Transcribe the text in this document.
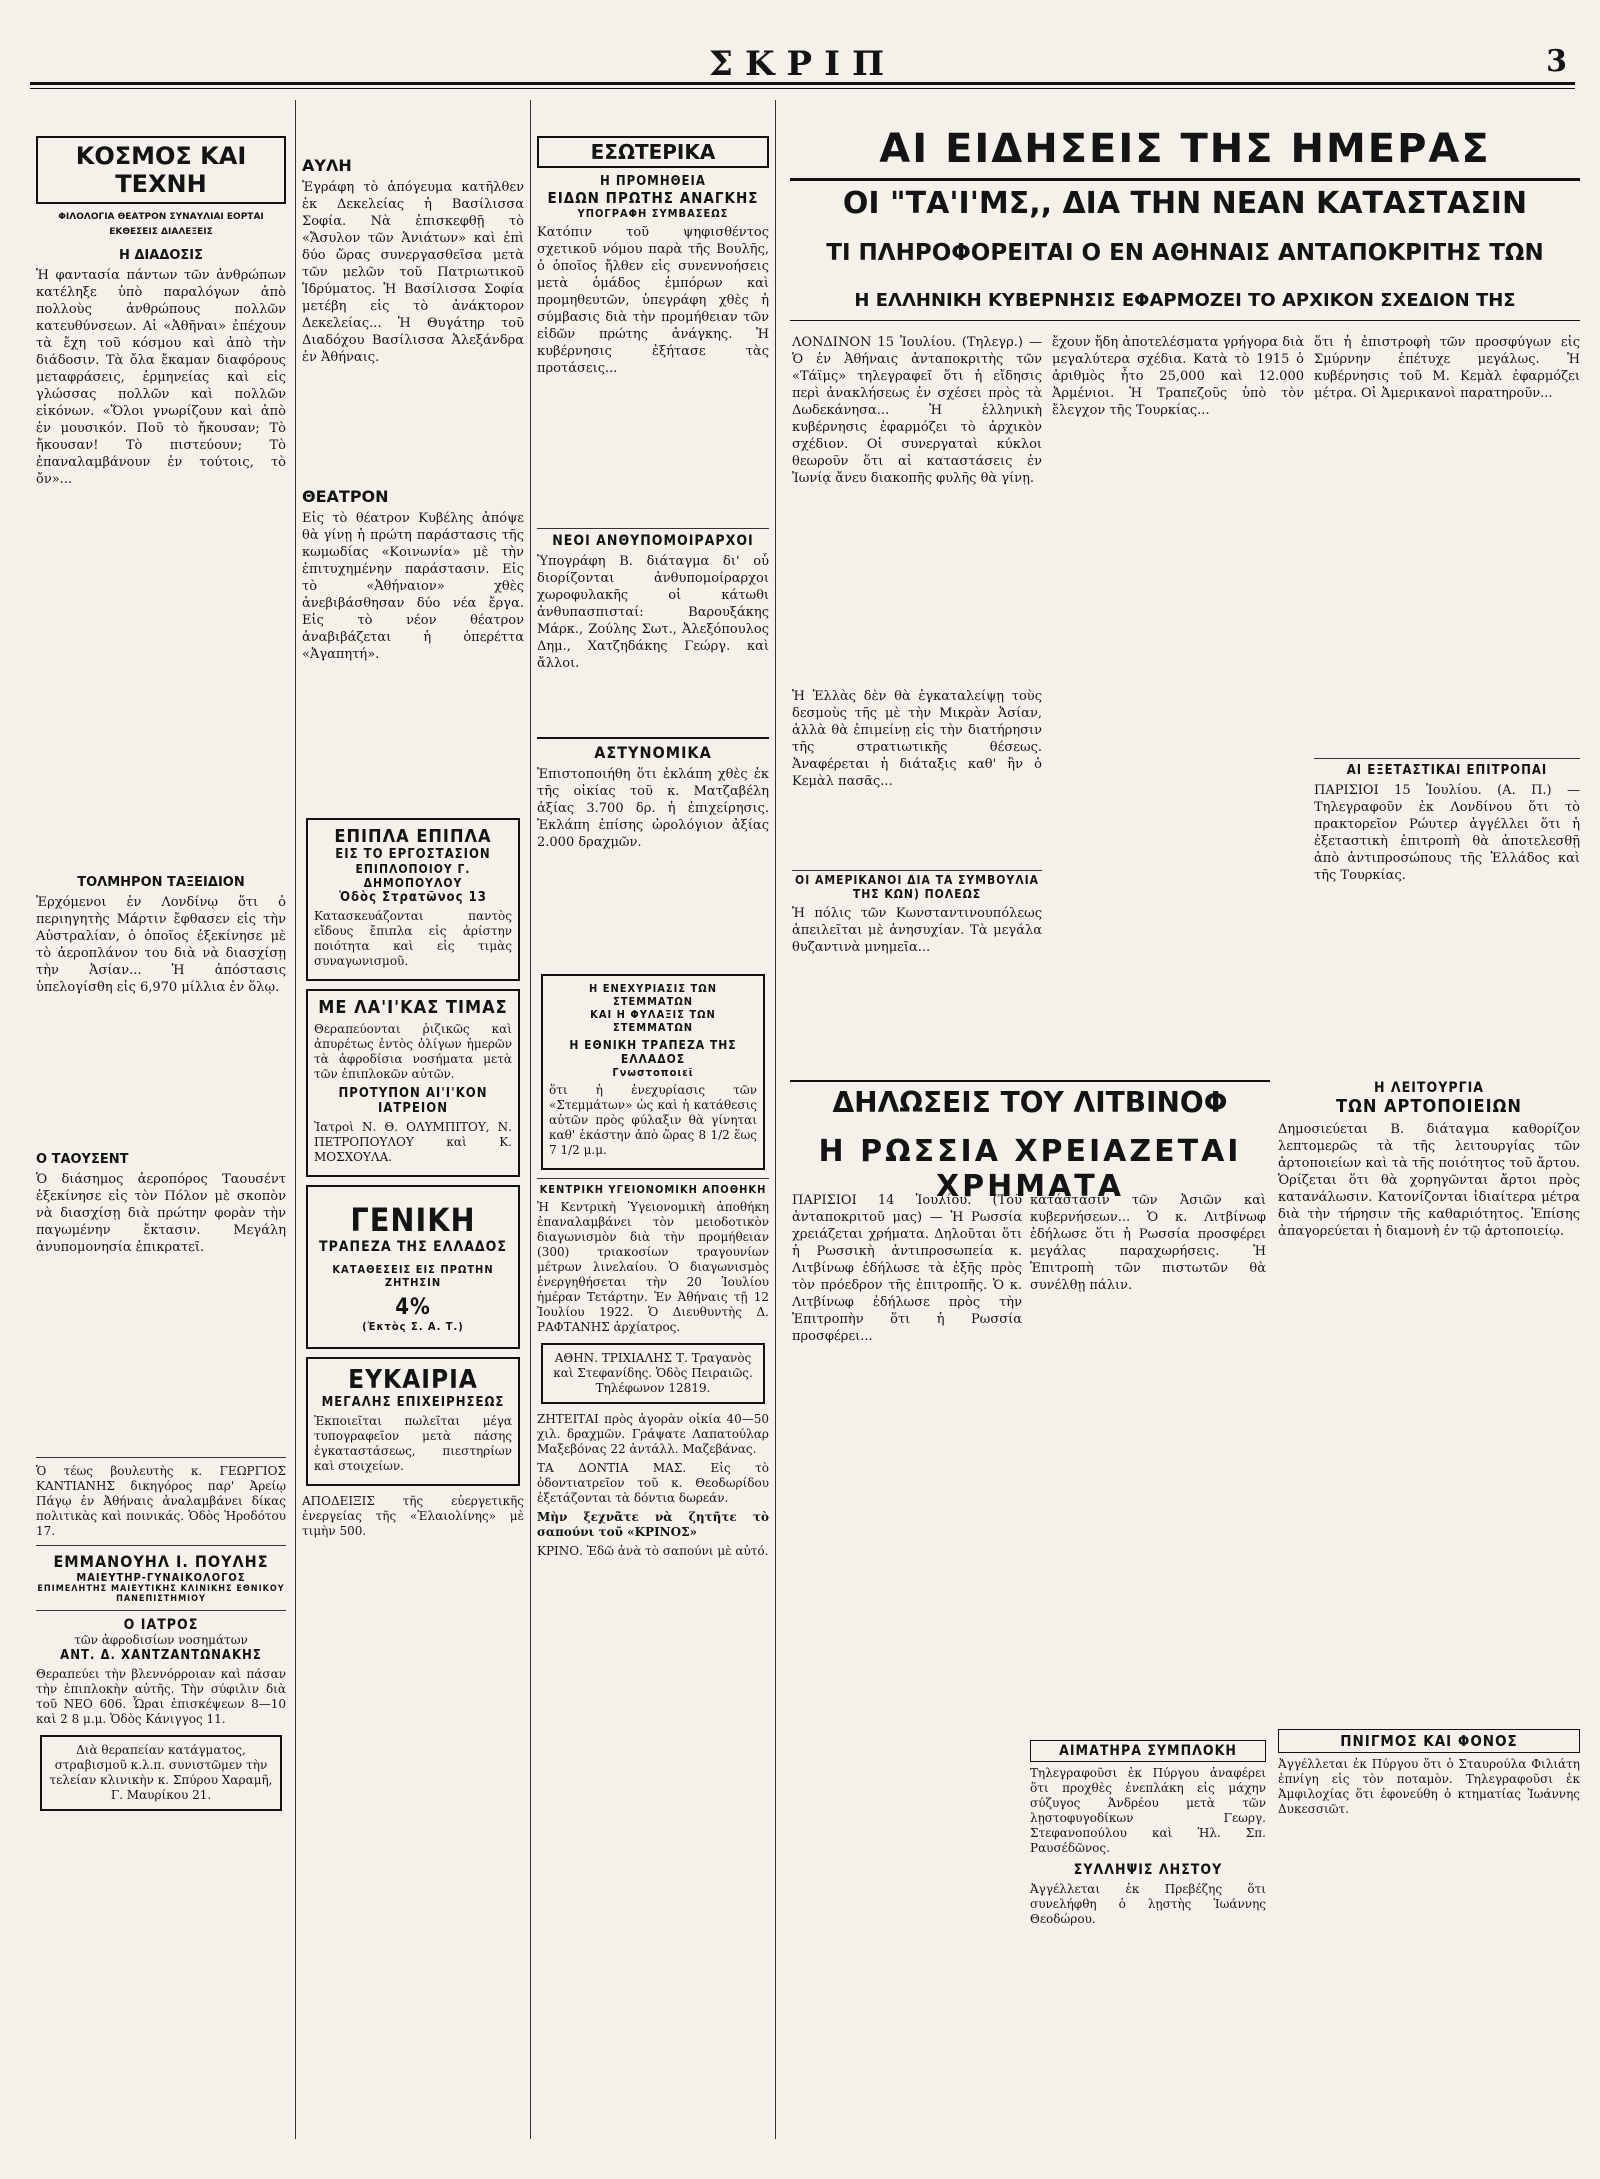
ΣΚΡΙΠ	3
ΚΟΣΜΟΣ ΚΑΙ ΤΕΧΝΗ
ΦΙΛΟΛΟΓΙΑ ΘΕΑΤΡΟΝ ΣΥΝΑΥΛΙΑΙ ΕΟΡΤΑΙ ΕΚΘΕΣΕΙΣ ΔΙΑΛΕΞΕΙΣ
Η ΔΙΑΔΟΣΙΣ
Ἡ φαντασία πάντων τῶν ἀνθρώπων κατέληξε ὑπὸ παραλόγων ἀπὸ πολλοὺς ἀνθρώπους πολλῶν κατευθύνσεων. Αἱ «Ἀθῆναι» ἐπέχουν τὰ ἔχη τοῦ κόσμου καὶ ἀπὸ τὴν διάδοσιν. Τὰ ὄλα ἔκαμαν διαφόρους μεταφράσεις, ἐρμηνείας καὶ εἰς γλώσσας πολλῶν καὶ πολλῶν εἰκόνων. «Ὅλοι γνωρίζουν καὶ ἀπὸ ἐν μουσικόν. Ποῦ τὸ ἤκουσαν; Τὸ ἤκουσαν! Τὸ πιστεύουν; Τὸ ἐπαναλαμβάνουν ἐν τούτοις, τὸ ὄν»...
ΤΟΛΜΗΡΟΝ ΤΑΞΕΙΔΙΟΝ
Ἐρχόμενοι ἐν Λονδίνῳ ὅτι ὁ περιηγητὴς Μάρτιν ἔφθασεν εἰς τὴν Αὐστραλίαν, ὁ ὁποῖος ἐξεκίνησε μὲ τὸ ἀεροπλάνον του διὰ νὰ διασχίσῃ τὴν Ἀσίαν... Ἡ ἀπόστασις ὑπελογίσθη εἰς 6,970 μίλλια ἐν ὅλῳ.
Ο ΤΑΟΥΣΕΝΤ
Ὁ διάσημος ἀεροπόρος Ταουσέντ ἐξεκίνησε εἰς τὸν Πόλον μὲ σκοπὸν νὰ διασχίσῃ διὰ πρώτην φορὰν τὴν παγωμένην ἔκτασιν. Μεγάλη ἀνυπομονησία ἐπικρατεῖ.
Ὁ τέως βουλευτὴς κ. ΓΕΩΡΓΙΟΣ ΚΑΝΤΙΑΝΗΣ δικηγόρος παρ' Ἀρείῳ Πάγῳ ἐν Ἀθήναις ἀναλαμβάνει δίκας πολιτικὰς καὶ ποινικάς. Ὁδὸς Ἡροδότου 17.
ΕΜΜΑΝΟΥΗΛ Ι. ΠΟΥΛΗΣ
ΜΑΙΕΥΤΗΡ-ΓΥΝΑΙΚΟΛΟΓΟΣ
ΕΠΙΜΕΛΗΤΗΣ ΜΑΙΕΥΤΙΚΗΣ ΚΛΙΝΙΚΗΣ ΕΘΝΙΚΟΥ ΠΑΝΕΠΙΣΤΗΜΙΟΥ
Ο ΙΑΤΡΟΣ
τῶν ἀφροδισίων νοσημάτων
ΑΝΤ. Δ. ΧΑΝΤΖΑΝΤΩΝΑΚΗΣ
Θεραπεύει τὴν βλεννόρροιαν καὶ πάσαν τὴν ἐπιπλοκὴν αὐτῆς. Τὴν σύφιλιν διὰ τοῦ NEO 606. Ὧραι ἐπισκέψεων 8—10 καὶ 2 8 μ.μ. Ὁδὸς Κάνιγγος 11.
Διὰ θεραπείαν κατάγματος, στραβισμοῦ κ.λ.π. συνιστῶμεν τὴν τελείαν κλινικὴν κ. Σπύρου Χαραμῆ, Γ. Μαυρίκου 21.
ΑΥΛΗ
Ἐγράφη τὸ ἀπόγευμα κατῆλθεν ἐκ Δεκελείας ἡ Βασίλισσα Σοφία. Νὰ ἐπισκεφθῇ τὸ «Ἄσυλον τῶν Ἀνιάτων» καὶ ἐπὶ δύο ὥρας συνεργασθεῖσα μετὰ τῶν μελῶν τοῦ Πατριωτικοῦ Ἱδρύματος. Ἡ Βασίλισσα Σοφία μετέβη εἰς τὸ ἀνάκτορον Δεκελείας... Ἡ Θυγάτηρ τοῦ Διαδόχου Βασίλισσα Ἀλεξάνδρα ἐν Ἀθήναις.
ΘΕΑΤΡΟΝ
Εἰς τὸ θέατρον Κυβέλης ἀπόψε θὰ γίνῃ ἡ πρώτη παράστασις τῆς κωμωδίας «Κοινωνία» μὲ τὴν ἐπιτυχημένην παράστασιν. Εἰς τὸ «Ἀθήναιον» χθὲς ἀνεβιβάσθησαν δύο νέα ἔργα. Εἰς τὸ νέον θέατρον ἀναβιβάζεται ἡ ὀπερέττα «Ἀγαπητή».
ΕΠΙΠΛΑ ΕΠΙΠΛΑ
ΕΙΣ ΤΟ ΕΡΓΟΣΤΑΣΙΟΝ
ΕΠΙΠΛΟΠΟΙΟΥ Γ. ΔΗΜΟΠΟΥΛΟΥ
Ὁδὸς Στρατῶνος 13
Κατασκευάζονται παντὸς εἴδους ἔπιπλα εἰς ἀρίστην ποιότητα καὶ εἰς τιμὰς συναγωνισμοῦ.
ΜΕ ΛΑ'Ι'ΚΑΣ ΤΙΜΑΣ
Θεραπεύονται ῥιζικῶς καὶ ἀπυρέτως ἐντὸς ὀλίγων ἡμερῶν τὰ ἀφροδίσια νοσήματα μετὰ τῶν ἐπιπλοκῶν αὐτῶν.
ΠΡΟΤΥΠΟΝ ΑΙ'Ι'ΚΟΝ ΙΑΤΡΕΙΟΝ
Ἰατροὶ Ν. Θ. ΟΛΥΜΠΙΤΟΥ, Ν. ΠΕΤΡΟΠΟΥΛΟΥ καὶ Κ. ΜΟΣΧΟΥΛΑ.
ΓΕΝΙΚΗ
ΤΡΑΠΕΖΑ ΤΗΣ ΕΛΛΑΔΟΣ
ΚΑΤΑΘΕΣΕΙΣ ΕΙΣ ΠΡΩΤΗΝ ΖΗΤΗΣΙΝ
4%
(Ἐκτὸς Σ. Α. Τ.)
ΕΥΚΑΙΡΙΑ
ΜΕΓΑΛΗΣ ΕΠΙΧΕΙΡΗΣΕΩΣ
Ἐκποιεῖται πωλεῖται μέγα τυπογραφεῖον μετὰ πάσης ἐγκαταστάσεως, πιεστηρίων καὶ στοιχείων.
ΑΠΟΔΕΙΞΙΣ τῆς εὐεργετικῆς ἐνεργείας τῆς «Ἐλαιολίνης» μὲ τιμὴν 500.
ΕΣΩΤΕΡΙΚΑ
Η ΠΡΟΜΗΘΕΙΑ
ΕΙΔΩΝ ΠΡΩΤΗΣ ΑΝΑΓΚΗΣ
ΥΠΟΓΡΑΦΗ ΣΥΜΒΑΣΕΩΣ
Κατόπιν τοῦ ψηφισθέντος σχετικοῦ νόμου παρὰ τῆς Βουλῆς, ὁ ὁποῖος ἤλθεν εἰς συνεννοήσεις μετὰ ὁμάδος ἐμπόρων καὶ προμηθευτῶν, ὑπεγράφη χθὲς ἡ σύμβασις διὰ τὴν προμήθειαν τῶν εἰδῶν πρώτης ἀνάγκης. Ἡ κυβέρνησις ἐξήτασε τὰς προτάσεις...
ΝΕΟΙ ΑΝΘΥΠΟΜΟΙΡΑΡΧΟΙ
Ὑπογράφη Β. διάταγμα δι' οὗ διορίζονται ἀνθυπομοίραρχοι χωροφυλακῆς οἱ κάτωθι ἀνθυπασπισταί: Βαρουξάκης Μάρκ., Ζούλης Σωτ., Ἀλεξόπουλος Δημ., Χατζηδάκης Γεώργ. καὶ ἄλλοι.
ΑΣΤΥΝΟΜΙΚΑ
Ἐπιστοποιήθη ὅτι ἐκλάπη χθὲς ἐκ τῆς οἰκίας τοῦ κ. Ματζαβέλη ἀξίας 3.700 δρ. ἡ ἐπιχείρησις. Ἐκλάπη ἐπίσης ὠρολόγιον ἀξίας 2.000 δραχμῶν.
Η ΕΝΕΧΥΡΙΑΣΙΣ ΤΩΝ ΣΤΕΜΜΑΤΩΝ
ΚΑΙ Η ΦΥΛΑΞΙΣ ΤΩΝ ΣΤΕΜΜΑΤΩΝ
Η ΕΘΝΙΚΗ ΤΡΑΠΕΖΑ ΤΗΣ ΕΛΛΑΔΟΣ
Γνωστοποιεῖ
ὅτι ἡ ἐνεχυρίασις τῶν «Στεμμάτων» ὡς καὶ ἡ κατάθεσις αὐτῶν πρὸς φύλαξιν θὰ γίνηται καθ' ἑκάστην ἀπὸ ὥρας 8 1/2 ἕως 7 1/2 μ.μ.
ΚΕΝΤΡΙΚΗ ΥΓΕΙΟΝΟΜΙΚΗ ΑΠΟΘΗΚΗ
Ἡ Κεντρικὴ Ὑγειονομικὴ ἀποθήκη ἐπαναλαμβάνει τὸν μειοδοτικὸν διαγωνισμὸν διὰ τὴν προμήθειαν (300) τριακοσίων τραγουνίων μέτρων λινελαίου. Ὁ διαγωνισμὸς ἐνεργηθήσεται τὴν 20 Ἰουλίου ἡμέραν Τετάρτην. Ἐν Ἀθήναις τῇ 12 Ἰουλίου 1922. Ὁ Διευθυντὴς Δ. ΡΑΦΤΑΝΗΣ ἀρχίατρος.
ΑΘΗΝ. ΤΡΙΧΙΑΛΗΣ Τ. Τραγανὸς καὶ Στεφανίδης. Ὁδὸς Πειραιῶς. Τηλέφωνον 12819.
ΖΗΤΕΙΤΑΙ πρὸς ἀγορὰν οἰκία 40—50 χιλ. δραχμῶν. Γράψατε Λαπατούλαρ Μαξεβόνας 22 ἀντάλλ. Μαζεβάνας.
ΤΑ ΔΟΝΤΙΑ ΜΑΣ. Εἰς τὸ ὀδοντιατρεῖον τοῦ κ. Θεοδωρίδου ἐξετάζονται τὰ δόντια δωρεάν.
Μὴν ξεχνᾶτε νὰ ζητῆτε τὸ σαπούνι τοῦ «ΚΡΙΝΟΣ»
ΚΡΙΝΟ. Ἐδῶ ἀνὰ τὸ σαπούνι μὲ αὐτό.
ΑΙ ΕΙΔΗΣΕΙΣ ΤΗΣ ΗΜΕΡΑΣ
ΟΙ "ΤΑ'Ι'ΜΣ,, ΔΙΑ ΤΗΝ ΝΕΑΝ ΚΑΤΑΣΤΑΣΙΝ
ΤΙ ΠΛΗΡΟΦΟΡΕΙΤΑΙ Ο ΕΝ ΑΘΗΝΑΙΣ ΑΝΤΑΠΟΚΡΙΤΗΣ ΤΩΝ
Η ΕΛΛΗΝΙΚΗ ΚΥΒΕΡΝΗΣΙΣ ΕΦΑΡΜΟΖΕΙ ΤΟ ΑΡΧΙΚΟΝ ΣΧΕΔΙΟΝ ΤΗΣ
ΛΟΝΔΙΝΟΝ 15 Ἰουλίου. (Τηλεγρ.) — Ὁ ἐν Ἀθήναις ἀνταποκριτὴς τῶν «Τάϊμς» τηλεγραφεῖ ὅτι ἡ εἴδησις περὶ ἀνακλήσεως ἐν σχέσει πρὸς τὰ Δωδεκάνησα... Ἡ ἑλληνικὴ κυβέρνησις ἐφαρμόζει τὸ ἀρχικὸν σχέδιον. Οἱ συνεργαταὶ κύκλοι θεωροῦν ὅτι αἱ καταστάσεις ἐν Ἰωνίᾳ ἄνευ διακοπῆς φυλῆς θὰ γίνῃ.
Ἡ Ἑλλὰς δὲν θὰ ἐγκαταλείψῃ τοὺς δεσμοὺς τῆς μὲ τὴν Μικρὰν Ἀσίαν, ἀλλὰ θὰ ἐπιμείνῃ εἰς τὴν διατήρησιν τῆς στρατιωτικῆς θέσεως. Ἀναφέρεται ἡ διάταξις καθ' ἣν ὁ Κεμὰλ πασᾶς...
ΟΙ ΑΜΕΡΙΚΑΝΟΙ ΔΙΑ ΤΑ ΣΥΜΒΟΥΛΙΑ ΤΗΣ ΚΩΝ) ΠΟΛΕΩΣ
Ἡ πόλις τῶν Κωνσταντινουπόλεως ἀπειλεῖται μὲ ἀνησυχίαν. Τὰ μεγάλα θυζαντινὰ μνημεῖα...
ἔχουν ἤδη ἀποτελέσματα γρήγορα διὰ μεγαλύτερα σχέδια. Κατὰ τὸ 1915 ὁ ἀριθμὸς ἦτο 25,000 καὶ 12.000 Ἀρμένιοι. Ἡ Τραπεζοῦς ὑπὸ τὸν ἔλεγχον τῆς Τουρκίας...
ὅτι ἡ ἐπιστροφὴ τῶν προσφύγων εἰς Σμύρνην ἐπέτυχε μεγάλως. Ἡ κυβέρνησις τοῦ Μ. Κεμὰλ ἐφαρμόζει μέτρα. Οἱ Ἀμερικανοὶ παρατηροῦν...
ΑΙ ΕΞΕΤΑΣΤΙΚΑΙ ΕΠΙΤΡΟΠΑΙ
ΠΑΡΙΣΙΟΙ 15 Ἰουλίου. (Α. Π.) — Τηλεγραφοῦν ἐκ Λονδίνου ὅτι τὸ πρακτορεῖον Ρώυτερ ἀγγέλλει ὅτι ἡ ἐξεταστικὴ ἐπιτροπὴ θὰ ἀποτελεσθῇ ἀπὸ ἀντιπροσώπους τῆς Ἑλλάδος καὶ τῆς Τουρκίας.
ΔΗΛΩΣΕΙΣ ΤΟΥ ΛΙΤΒΙΝΟΦ
Η ΡΩΣΣΙΑ ΧΡΕΙΑΖΕΤΑΙ ΧΡΗΜΑΤΑ
ΠΑΡΙΣΙΟΙ 14 Ἰουλίου. (Τοῦ ἀνταποκριτοῦ μας) — Ἡ Ρωσσία χρειάζεται χρήματα. Δηλοῦται ὅτι ἡ Ρωσσικὴ ἀντιπροσωπεία κ. Λιτβίνωφ ἐδήλωσε τὰ ἑξῆς πρὸς τὸν πρόεδρον τῆς ἐπιτροπῆς. Ὁ κ. Λιτβίνωφ ἐδήλωσε πρὸς τὴν Ἐπιτροπὴν ὅτι ἡ Ρωσσία προσφέρει...
κατάστασιν τῶν Ἀσιῶν καὶ κυβερνήσεων... Ὁ κ. Λιτβίνωφ ἐδήλωσε ὅτι ἡ Ρωσσία προσφέρει μεγάλας παραχωρήσεις. Ἡ Ἐπιτροπὴ τῶν πιστωτῶν θὰ συνέλθῃ πάλιν.
ΑΙΜΑΤΗΡΑ ΣΥΜΠΛΟΚΗ
Τηλεγραφοῦσι ἐκ Πύργου ἀναφέρει ὅτι προχθὲς ἐνεπλάκη εἰς μάχην σύζυγος Ἀνδρέου μετὰ τῶν λῃστοφυγοδίκων Γεωργ. Στεφανοπούλου καὶ Ἠλ. Σπ. Ραυσέδῶνος.
ΣΥΛΛΗΨΙΣ ΛΗΣΤΟΥ
Ἀγγέλλεται ἐκ Πρεβέζης ὅτι συνελήφθη ὁ λῃστὴς Ἰωάννης Θεοδώρου.
Η ΛΕΙΤΟΥΡΓΙΑ
ΤΩΝ ΑΡΤΟΠΟΙΕΙΩΝ
Δημοσιεύεται Β. διάταγμα καθορίζον λεπτομερῶς τὰ τῆς λειτουργίας τῶν ἀρτοποιείων καὶ τὰ τῆς ποιότητος τοῦ ἄρτου. Ὁρίζεται ὅτι θὰ χορηγῶνται ἄρτοι πρὸς κατανάλωσιν. Κατονίζονται ἰδιαίτερα μέτρα διὰ τὴν τήρησιν τῆς καθαριότητος. Ἐπίσης ἀπαγορεύεται ἡ διαμονὴ ἐν τῷ ἀρτοποιείῳ.
ΠΝΙΓΜΟΣ ΚΑΙ ΦΟΝΟΣ
Ἀγγέλλεται ἐκ Πύργου ὅτι ὁ Σταυρούλα Φιλιάτη ἐπνίγη εἰς τὸν ποταμὸν. Τηλεγραφοῦσι ἐκ Ἀμφιλοχίας ὅτι ἐφονεύθη ὁ κτηματίας Ἰωάννης Δυκεσσιῶτ.
